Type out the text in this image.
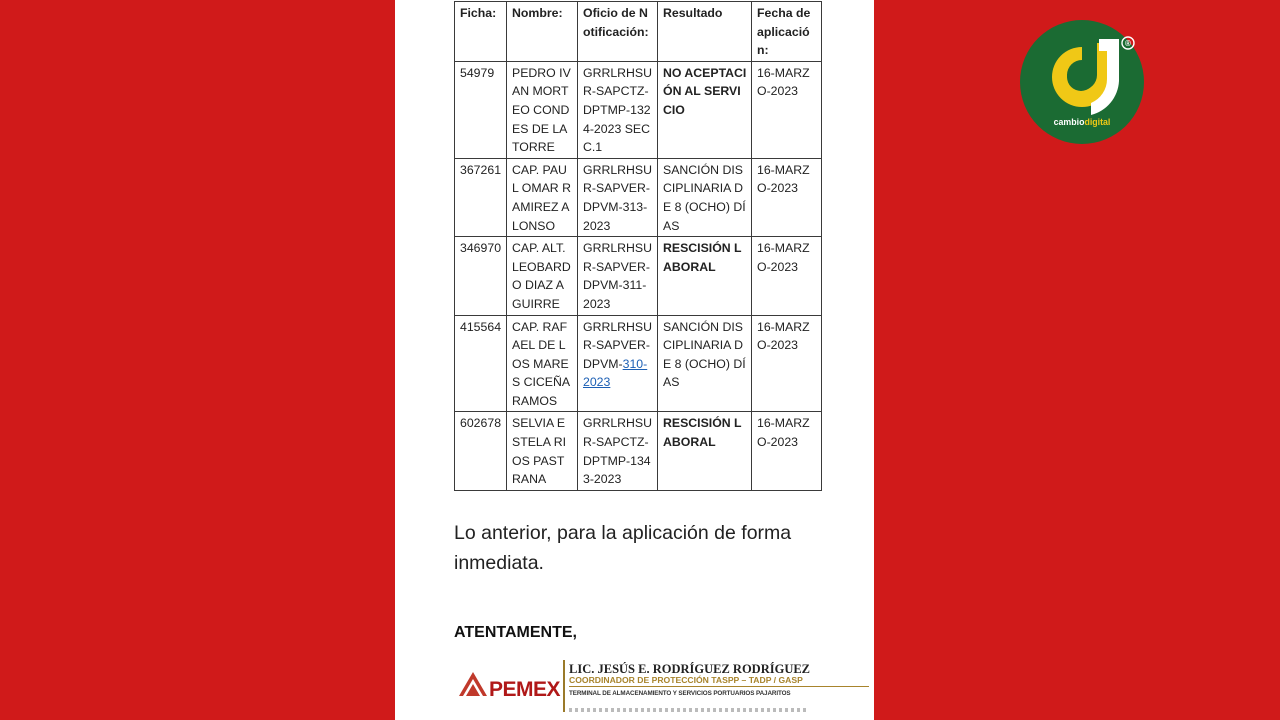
Ficha:	Nombre:	Oficio de Notificación:	Resultado	Fecha de aplicación:
54979	PEDRO IVAN MORTEO CONDES DE LA TORRE	GRRLRHSUR-SAPCTZ-DPTMP-1324-2023 SECC.1	NO ACEPTACIÓN AL SERVICIO	16-MARZO-2023
367261	CAP. PAUL OMAR RAMIREZ ALONSO	GRRLRHSUR-SAPVER-DPVM-313-2023	SANCIÓN DISCIPLINARIA DE 8 (OCHO) DÍAS	16-MARZO-2023
346970	CAP. ALT. LEOBARDO DIAZ AGUIRRE	GRRLRHSUR-SAPVER-DPVM-311-2023	RESCISIÓN LABORAL	16-MARZO-2023
415564	CAP. RAFAEL DE LOS MARES CICEÑA RAMOS	GRRLRHSUR-SAPVER-DPVM-310-2023	SANCIÓN DISCIPLINARIA DE 8 (OCHO) DÍAS	16-MARZO-2023
602678	SELVIA ESTELA RIOS PASTRANA	GRRLRHSUR-SAPCTZ-DPTMP-1343-2023	RESCISIÓN LABORAL	16-MARZO-2023
Lo anterior, para la aplicación de forma inmediata.
ATENTAMENTE,
PEMEX
LIC. JESÚS E. RODRÍGUEZ RODRÍGUEZ
COORDINADOR DE PROTECCIÓN TASPP – TADP / GASP
TERMINAL DE ALMACENAMIENTO Y SERVICIOS PORTUARIOS PAJARITOS
®
cambiodigital
